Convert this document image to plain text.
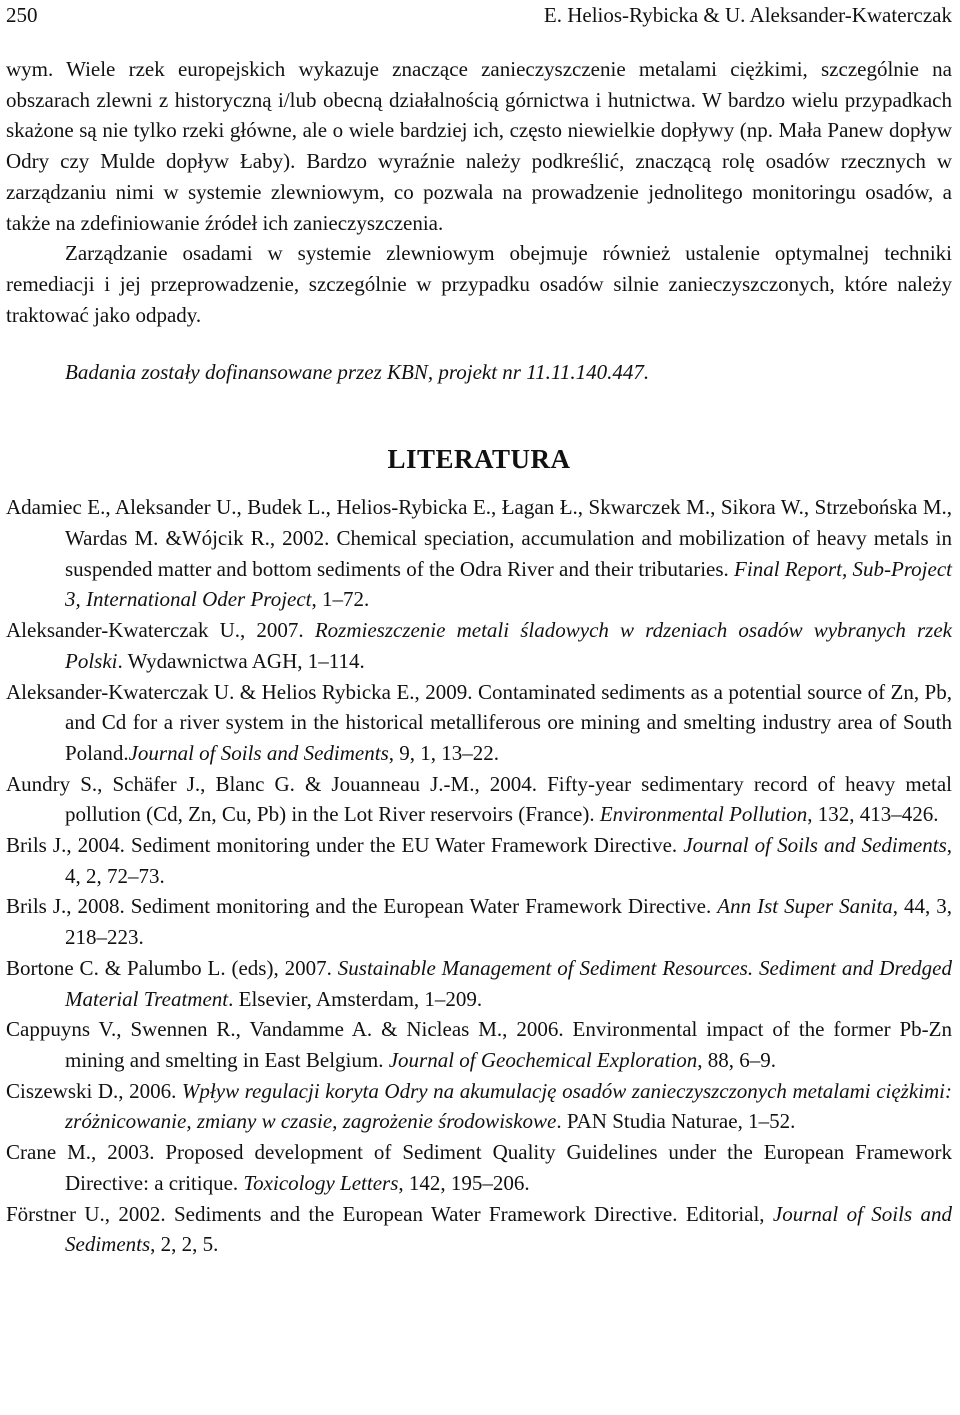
250	E. Helios-Rybicka & U. Aleksander-Kwaterczak

wym. Wiele rzek europejskich wykazuje znaczące zanieczyszczenie metalami ciężkimi, szczególnie na obszarach zlewni z historyczną i/lub obecną działalnością górnictwa i hutnictwa. W bardzo wielu przypadkach skażone są nie tylko rzeki główne, ale o wiele bardziej ich, często niewielkie dopływy (np. Mała Panew dopływ Odry czy Mulde dopływ Łaby). Bardzo wyraźnie należy podkreślić, znaczącą rolę osadów rzecznych w zarządzaniu nimi w systemie zlewniowym, co pozwala na prowadzenie jednolitego monitoringu osadów, a także na zdefiniowanie źródeł ich zanieczyszczenia.

Zarządzanie osadami w systemie zlewniowym obejmuje również ustalenie optymalnej techniki remediacji i jej przeprowadzenie, szczególnie w przypadku osadów silnie zanieczyszczonych, które należy traktować jako odpady.

Badania zostały dofinansowane przez KBN, projekt nr 11.11.140.447.
LITERATURA

Adamiec E., Aleksander U., Budek L., Helios-Rybicka E., Łagan Ł., Skwarczek M., Sikora W., Strzebońska M., Wardas M. &Wójcik R., 2002. Chemical speciation, accumulation and mobilization of heavy metals in suspended matter and bottom sediments of the Odra River and their tributaries. Final Report, Sub-Project 3, International Oder Project, 1–72.

Aleksander-Kwaterczak U., 2007. Rozmieszczenie metali śladowych w rdzeniach osadów wybranych rzek Polski. Wydawnictwa AGH, 1–114.

Aleksander-Kwaterczak U. & Helios Rybicka E., 2009. Contaminated sediments as a potential source of Zn, Pb, and Cd for a river system in the historical metalliferous ore mining and smelting industry area of South Poland.Journal of Soils and Sediments, 9, 1, 13–22.

Aundry S., Schäfer J., Blanc G. & Jouanneau J.-M., 2004. Fifty-year sedimentary record of heavy metal pollution (Cd, Zn, Cu, Pb) in the Lot River reservoirs (France). Environmental Pollution, 132, 413–426.

Brils J., 2004. Sediment monitoring under the EU Water Framework Directive. Journal of Soils and Sediments, 4, 2, 72–73.

Brils J., 2008. Sediment monitoring and the European Water Framework Directive. Ann Ist Super Sanita, 44, 3, 218–223.

Bortone C. & Palumbo L. (eds), 2007. Sustainable Management of Sediment Resources. Sediment and Dredged Material Treatment. Elsevier, Amsterdam, 1–209.

Cappuyns V., Swennen R., Vandamme A. & Nicleas M., 2006. Environmental impact of the former Pb-Zn mining and smelting in East Belgium. Journal of Geochemical Exploration, 88, 6–9.

Ciszewski D., 2006. Wpływ regulacji koryta Odry na akumulację osadów zanieczyszczonych metalami ciężkimi: zróżnicowanie, zmiany w czasie, zagrożenie środowiskowe. PAN Studia Naturae, 1–52.

Crane M., 2003. Proposed development of Sediment Quality Guidelines under the European Framework Directive: a critique. Toxicology Letters, 142, 195–206.

Förstner U., 2002. Sediments and the European Water Framework Directive. Editorial, Journal of Soils and Sediments, 2, 2, 5.
